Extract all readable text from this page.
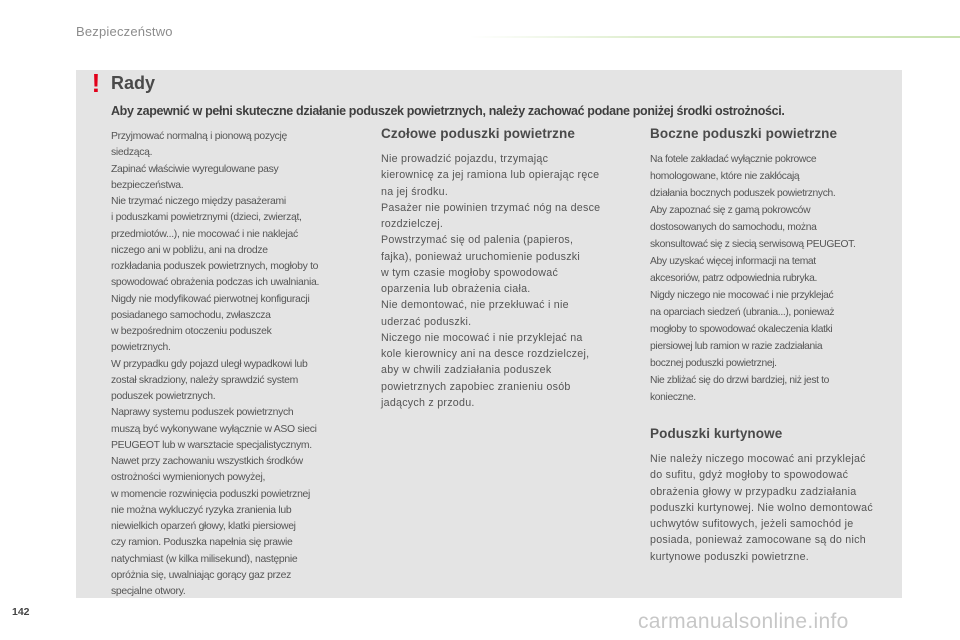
Bezpieczeństwo
! Rady
Aby zapewnić w pełni skuteczne działanie poduszek powietrznych, należy zachować podane poniżej środki ostrożności.
Przyjmować normalną i pionową pozycję
siedzącą.
Zapinać właściwie wyregulowane pasy
bezpieczeństwa.
Nie trzymać niczego między pasażerami
i poduszkami powietrznymi (dzieci, zwierząt,
przedmiotów...), nie mocować i nie naklejać
niczego ani w pobliżu, ani na drodze
rozkładania poduszek powietrznych, mogłoby to
spowodować obrażenia podczas ich uwalniania.
Nigdy nie modyfikować pierwotnej konfiguracji
posiadanego samochodu, zwłaszcza
w bezpośrednim otoczeniu poduszek
powietrznych.
W przypadku gdy pojazd uległ wypadkowi lub
został skradziony, należy sprawdzić system
poduszek powietrznych.
Naprawy systemu poduszek powietrznych
muszą być wykonywane wyłącznie w ASO sieci
PEUGEOT lub w warsztacie specjalistycznym.
Nawet przy zachowaniu wszystkich środków
ostrożności wymienionych powyżej,
w momencie rozwinięcia poduszki powietrznej
nie można wykluczyć ryzyka zranienia lub
niewielkich oparzeń głowy, klatki piersiowej
czy ramion. Poduszka napełnia się prawie
natychmiast (w kilka milisekund), następnie
opróżnia się, uwalniając gorący gaz przez
specjalne otwory.
Czołowe poduszki powietrzne
Nie prowadzić pojazdu, trzymając
kierownicę za jej ramiona lub opierając ręce
na jej środku.
Pasażer nie powinien trzymać nóg na desce
rozdzielczej.
Powstrzymać się od palenia (papieros,
fajka), ponieważ uruchomienie poduszki
w tym czasie mogłoby spowodować
oparzenia lub obrażenia ciała.
Nie demontować, nie przekłuwać i nie
uderzać poduszki.
Niczego nie mocować i nie przyklejać na
kole kierownicy ani na desce rozdzielczej,
aby w chwili zadziałania poduszek
powietrznych zapobiec zranieniu osób
jadących z przodu.
Boczne poduszki powietrzne
Na fotele zakładać wyłącznie pokrowce
homologowane, które nie zakłócają
działania bocznych poduszek powietrznych.
Aby zapoznać się z gamą pokrowców
dostosowanych do samochodu, można
skonsultować się z siecią serwisową PEUGEOT.
Aby uzyskać więcej informacji na temat
akcesoriów, patrz odpowiednia rubryka.
Nigdy niczego nie mocować i nie przyklejać
na oparciach siedzeń (ubrania...), ponieważ
mogłoby to spowodować okaleczenia klatki
piersiowej lub ramion w razie zadziałania
bocznej poduszki powietrznej.
Nie zbliżać się do drzwi bardziej, niż jest to
konieczne.
Poduszki kurtynowe
Nie należy niczego mocować ani przyklejać
do sufitu, gdyż mogłoby to spowodować
obrażenia głowy w przypadku zadziałania
poduszki kurtynowej. Nie wolno demontować
uchwytów sufitowych, jeżeli samochód je
posiada, ponieważ zamocowane są do nich
kurtynowe poduszki powietrzne.
142	carmanualsonline.info
